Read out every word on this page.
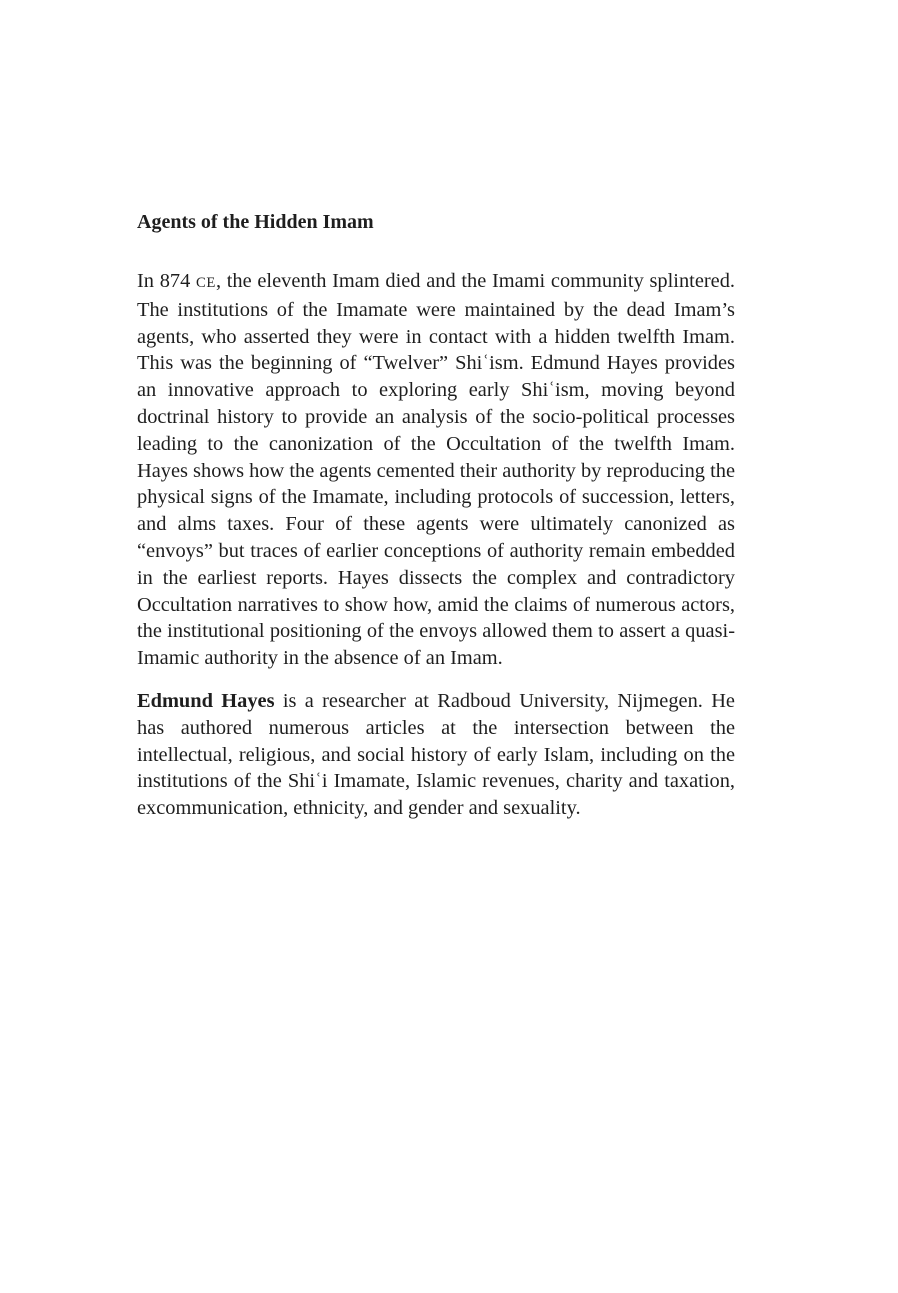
Agents of the Hidden Imam

In 874 CE, the eleventh Imam died and the Imami community splintered. The institutions of the Imamate were maintained by the dead Imam’s agents, who asserted they were in contact with a hidden twelfth Imam. This was the beginning of “Twelver” Shiʿism. Edmund Hayes provides an innovative approach to exploring early Shiʿism, moving beyond doctrinal history to provide an analysis of the socio-political processes leading to the canonization of the Occultation of the twelfth Imam. Hayes shows how the agents cemented their authority by reproducing the physical signs of the Imamate, including protocols of succession, letters, and alms taxes. Four of these agents were ultimately canonized as “envoys” but traces of earlier conceptions of authority remain embedded in the earliest reports. Hayes dissects the complex and contradictory Occultation narratives to show how, amid the claims of numerous actors, the institutional positioning of the envoys allowed them to assert a quasi-Imamic authority in the absence of an Imam.

Edmund Hayes is a researcher at Radboud University, Nijmegen. He has authored numerous articles at the intersection between the intellectual, religious, and social history of early Islam, including on the institutions of the Shiʿi Imamate, Islamic revenues, charity and taxation, excommunication, ethnicity, and gender and sexuality.
